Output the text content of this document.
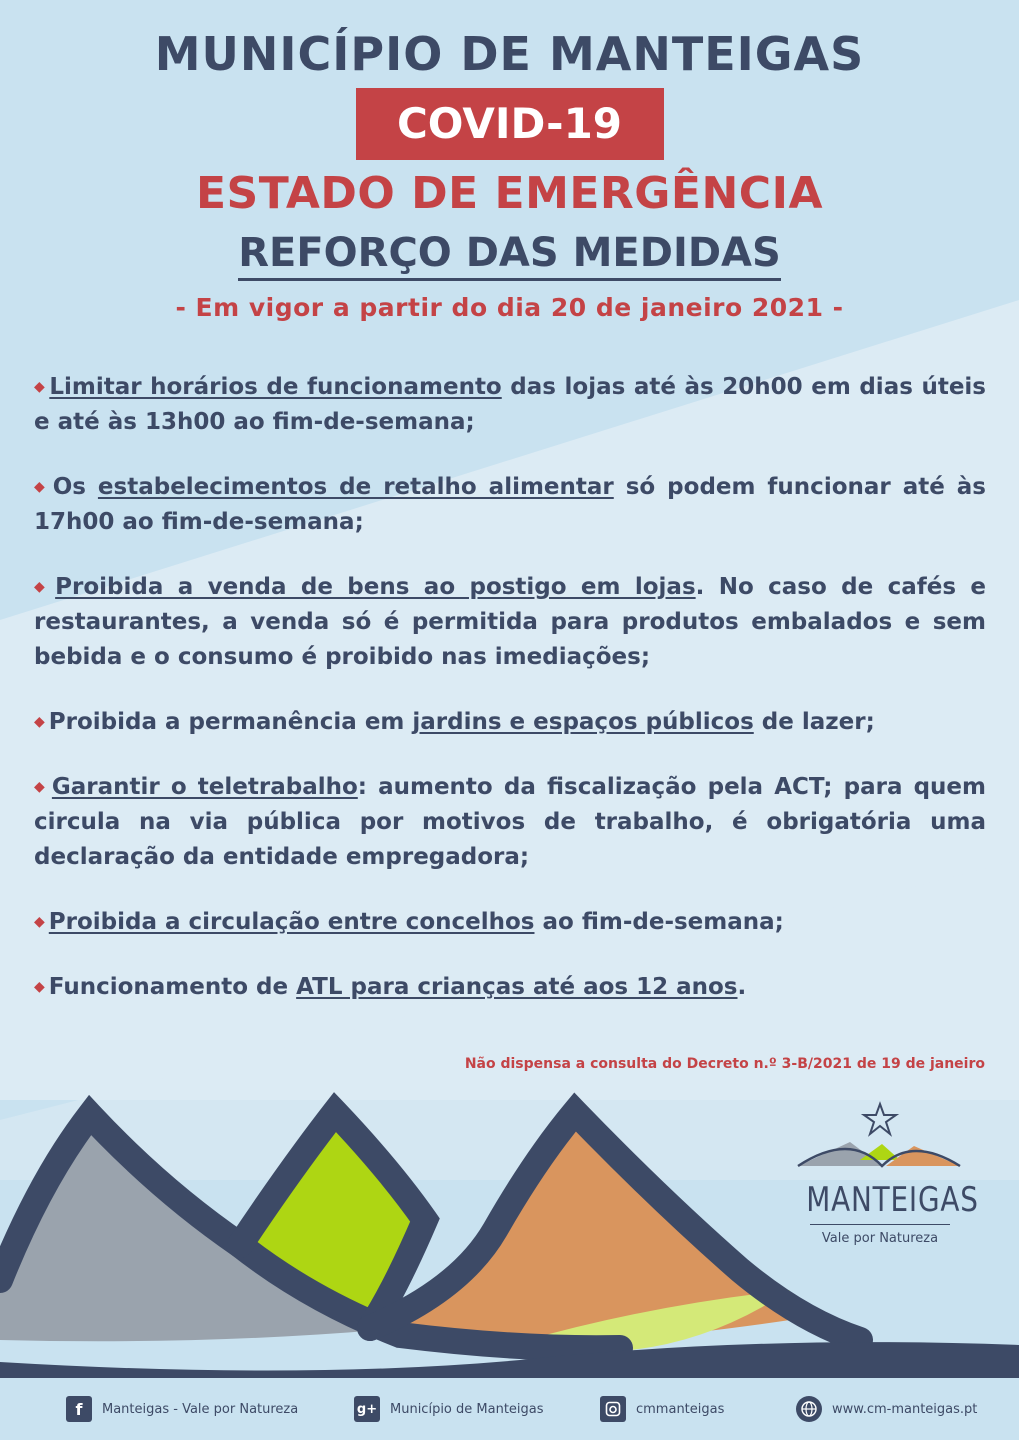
MUNICÍPIO DE MANTEIGAS
COVID-19
ESTADO DE EMERGÊNCIA
REFORÇO DAS MEDIDAS

- Em vigor a partir do dia 20 de janeiro 2021 -

◆ Limitar horários de funcionamento das lojas até às 20h00 em dias úteis e até às 13h00 ao fim-de-semana;

◆ Os estabelecimentos de retalho alimentar só podem funcionar até às 17h00 ao fim-de-semana;

◆ Proibida a venda de bens ao postigo em lojas. No caso de cafés e restaurantes, a venda só é permitida para produtos embalados e sem bebida e o consumo é proibido nas imediações;

◆ Proibida a permanência em jardins e espaços públicos de lazer;

◆ Garantir o teletrabalho: aumento da fiscalização pela ACT; para quem circula na via pública por motivos de trabalho, é obrigatória uma declaração da entidade empregadora;

◆ Proibida a circulação entre concelhos ao fim-de-semana;

◆ Funcionamento de ATL para crianças até aos 12 anos.

Não dispensa a consulta do Decreto n.º 3-B/2021 de 19 de janeiro
MANTEIGAS
Vale por Natureza
f	Manteigas - Vale por Natureza	g+ Município de Manteigas	cmmanteigas	www.cm-manteigas.pt
